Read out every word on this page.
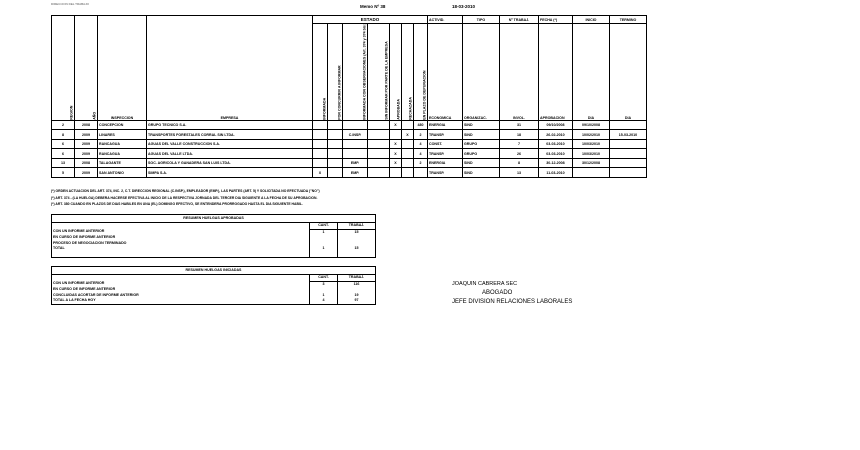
DIRECCION DEL TRABAJO	Memo Nº 38	18-03-2010
REGION	AÑO	INSPECCION	EMPRESA	ESTADO							ACTIVID.	TIPO	Nº TRABAJ.	FECHA (*)	INICIO	TERMINO
				INFORMADA	POR CONCURRIR A INFORMAR	INFORMADA CON OBSERVACIONES (Art. 374 y 374 bis)	SIN INFORMAR POR PARTE DE LA EMPRESA	APROBADA	RECHAZADA	EN PLAZO DE DEPURACION	ECONOMICA	ORGANIZAC.	INVOL.	APROBACION	DIA	DIA
2	2008	CONCEPCION	GRUPO TECNICO S.A.					X		480	ENERGIA	SIND	31	09/10/2008	09/10/2008	
8	2009	LINARES	TRANSPORTES FORESTALES CORRAL SIN LTDA.			C.INSP.			X	2	TRANSP.	SIND	18	26-02-2010	10/02/2010	15-03-2010
6	2009	RANCAGUA	AGUAS DEL VALLE CONSTRUCCION S.A.					X		4	CONST.	GRUPO	7	03-03-2010	10/03/2010	
6	2009	RANCAGUA	AGUAS DEL VALLE LTDA.					X		4	TRANSP.	GRUPO	26	03-03-2010	10/03/2010	
13	2008	TALAGANTE	SOC. AGRICOLA Y GANADERA SAN LUIS LTDA.			EMP.		X		2	ENERGIA	SIND	8	30-12-2008	30/12/2008	
5	2009	SAN ANTONIO	SIMPA S.A.	X		EMP.					TRANSP.	SIND	13	11-03-2010		
(*) ORDEN ACTUACION DEL ART. 374, INC. 2, C.T. DIRECCION REGIONAL (C.INSP.), EMPLEADOR (EMP.), LAS PARTES (ART. 5) Y SOLICITADA NO EFECTUADA ("NO")
(*) ART. 374 - (LA HUELGA) DEBERA HACERSE EFECTIVA AL INICIO DE LA RESPECTIVA JORNADA DEL TERCER DIA SIGUIENTE A LA FECHA DE SU APROBACION.
(*) ART. 380 CUANDO EN PLAZOS DE DIAS HABILES EN UNA (EL) DOMINGO EFECTIVO, SE ENTENDERA PRORROGADO HASTA EL DIA SIGUIENTE HABIL.
RESUMEN HUELGAS APROBADAS		
	CANT.	TRABAJ.
CON UN INFORME ANTERIOR	1	15
EN CURSO DE INFORME ANTERIOR		
PROCESO DE NEGOCIACION TERMINADO		
TOTAL	1	15

RESUMEN HUELGAS INICIADAS		
	CANT.	TRABAJ.
CON UN INFORME ANTERIOR	3	116
EN CURSO DE INFORME ANTERIOR		
CONCLUIDAS ACORTAR DE INFORME ANTERIOR	1	19
TOTAL A LA FECHA HOY	4	97
JOAQUIN CABRERA SEC
ABOGADO
JEFE DIVISION RELACIONES LABORALES
